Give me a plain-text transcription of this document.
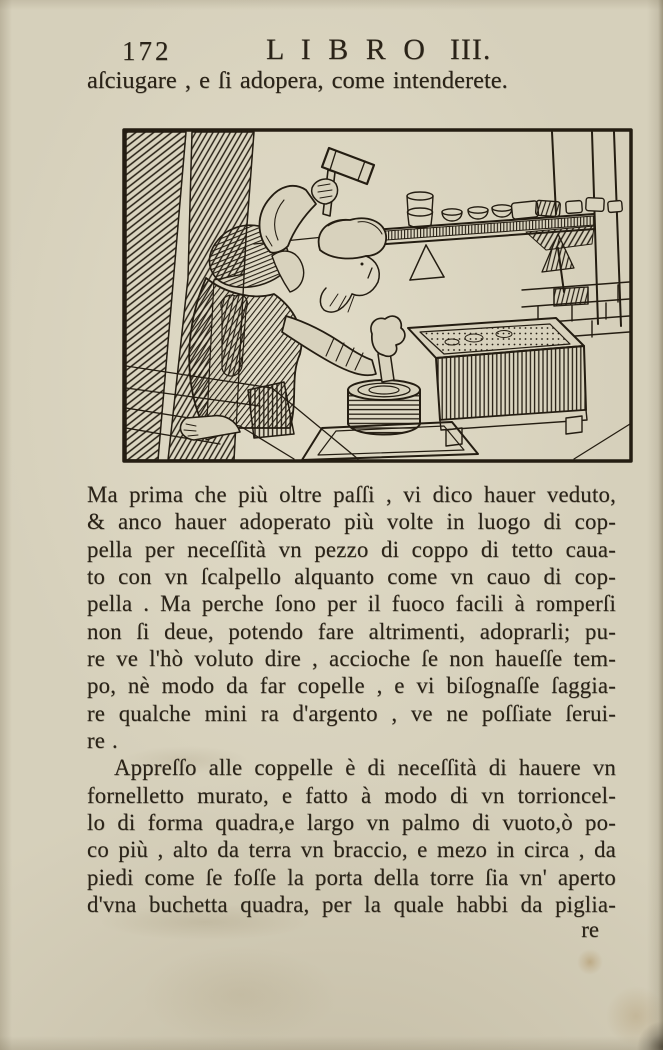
172	L I B R O III.
aſciugare , e ſi adopera, come intenderete.
Ma prima che più oltre paſſi , vi dico hauer veduto,
& anco hauer adoperato più volte in luogo di cop-
pella per neceſſità vn pezzo di coppo di tetto caua-
to con vn ſcalpello alquanto come vn cauo di cop-
pella . Ma perche ſono per il fuoco facili à romperſi
non ſi deue, potendo fare altrimenti, adoprarli; pu-
re ve l'hò voluto dire , accioche ſe non haueſſe tem-
po, nè modo da far copelle , e vi biſognaſſe ſaggia-
re qualche mini ra d'argento , ve ne poſſiate ſerui-
re .
Appreſſo alle coppelle è di neceſſità di hauere vn
fornelletto murato, e fatto à modo di vn torrioncel-
lo di forma quadra,e largo vn palmo di vuoto,ò po-
co più , alto da terra vn braccio, e mezo in circa , da
piedi come ſe foſſe la porta della torre ſia vn' aperto
d'vna buchetta quadra, per la quale habbi da piglia-
re
